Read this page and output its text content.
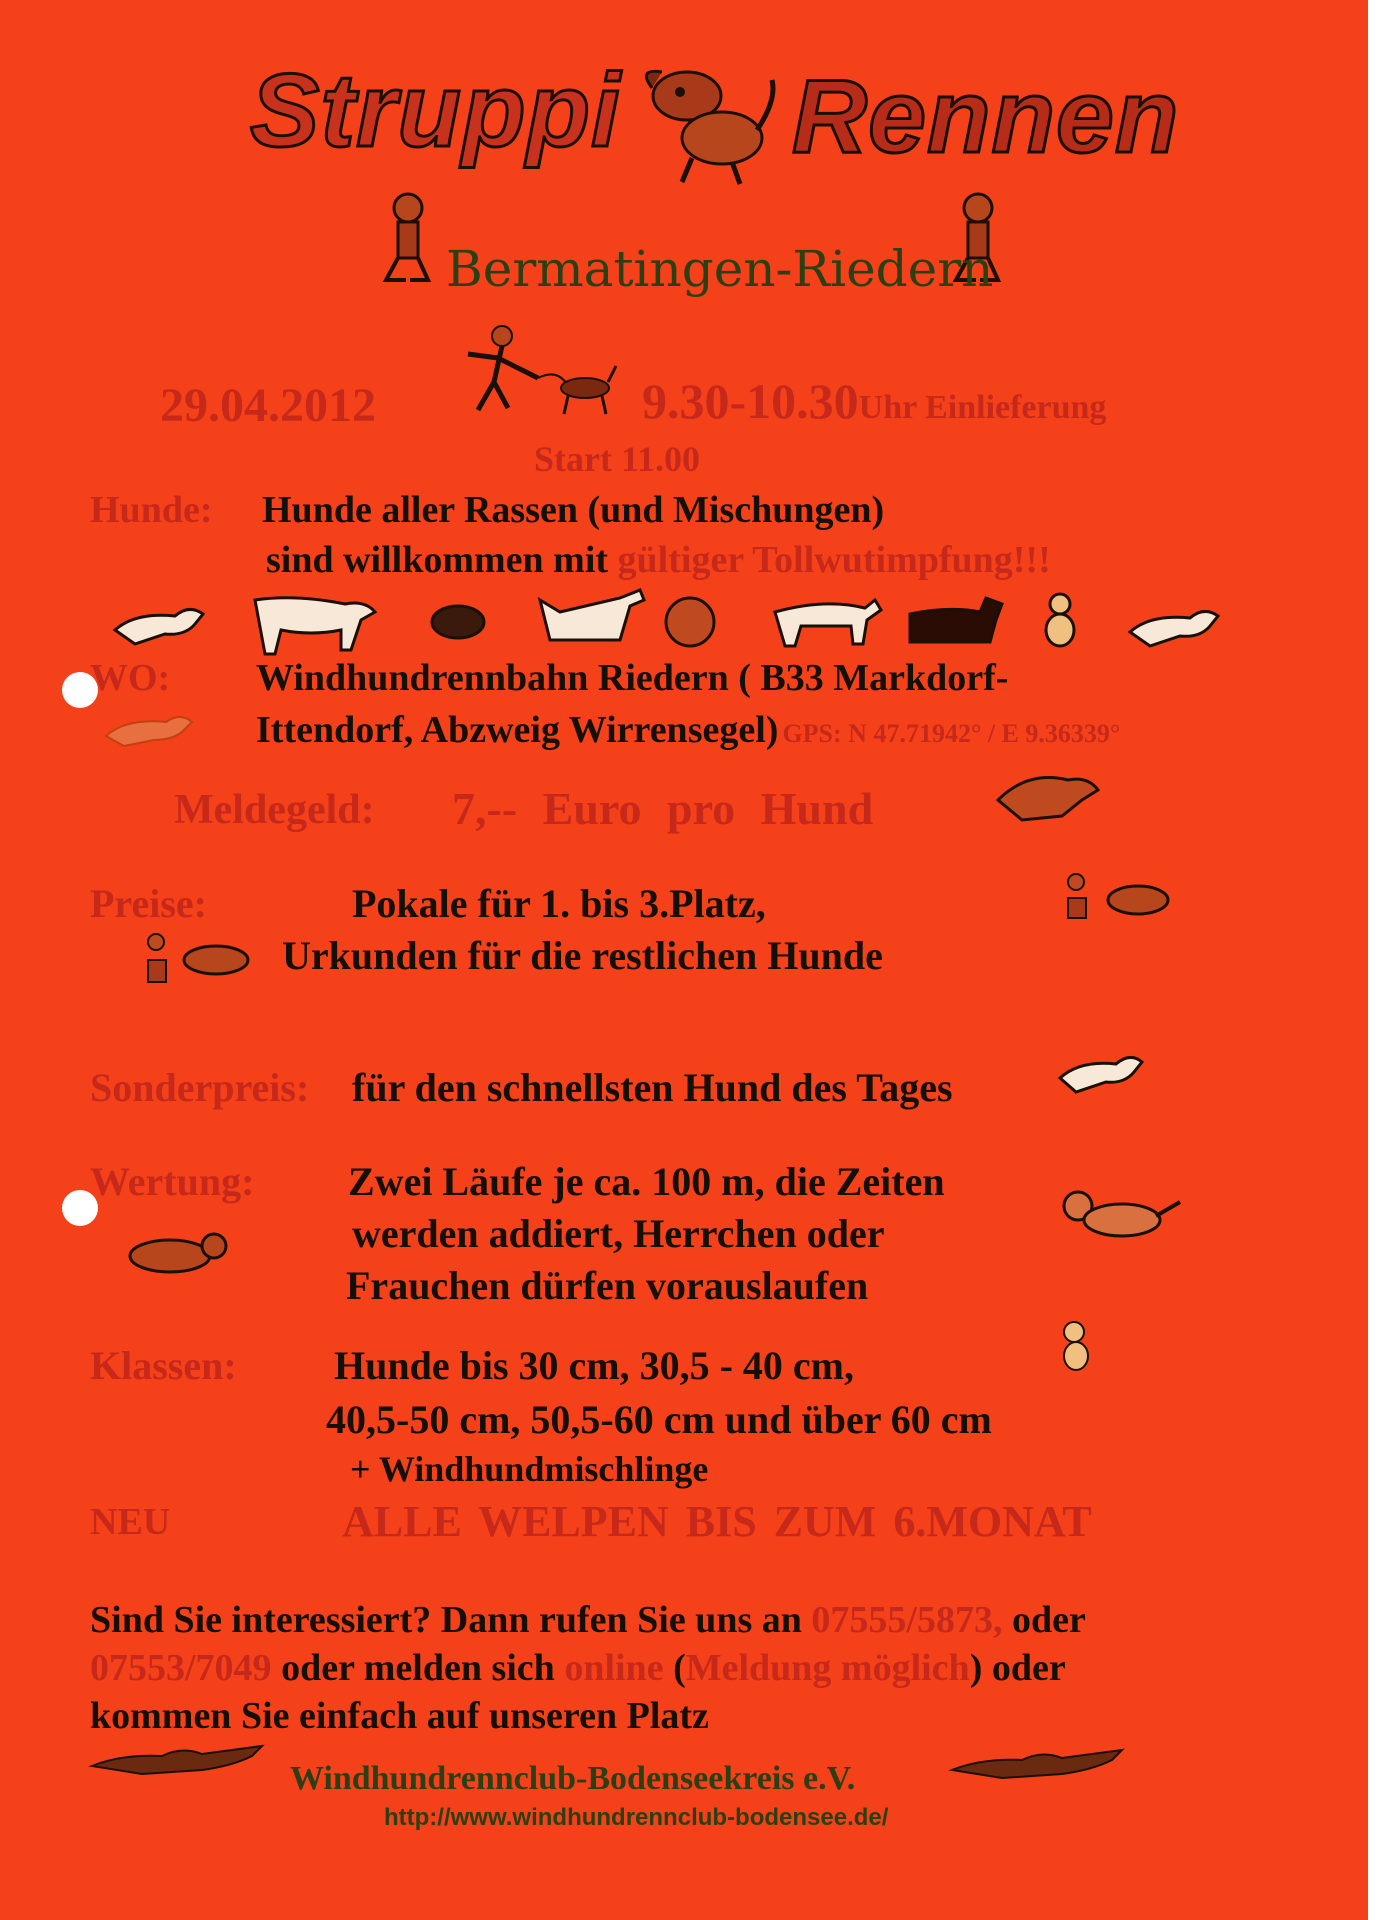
Struppi Rennen
Bermatingen-Riedern
29.04.2012	9.30-10.30Uhr Einlieferung
Start 11.00
Hunde: Hunde aller Rassen (und Mischungen)
sind willkommen mit gültiger Tollwutimpfung!!!
WO: Windhundrennbahn Riedern ( B33 Markdorf-
Ittendorf, Abzweig Wirrensegel) GPS: N 47.71942° / E 9.36339°
Meldegeld: 7,-- Euro pro Hund
Preise:	Pokale für 1. bis 3.Platz,
Urkunden für die restlichen Hunde
Sonderpreis: für den schnellsten Hund des Tages
Wertung: Zwei Läufe je ca. 100 m, die Zeiten
werden addiert, Herrchen oder
Frauchen dürfen vorauslaufen
Klassen: Hunde bis 30 cm, 30,5 - 40 cm,
40,5-50 cm, 50,5-60 cm und über 60 cm
+ Windhundmischlinge
NEU	ALLE WELPEN BIS ZUM 6.MONAT
Sind Sie interessiert? Dann rufen Sie uns an 07555/5873, oder
07553/7049 oder melden sich online (Meldung möglich) oder
kommen Sie einfach auf unseren Platz
Windhundrennclub-Bodenseekreis e.V.
http://www.windhundrennclub-bodensee.de/
